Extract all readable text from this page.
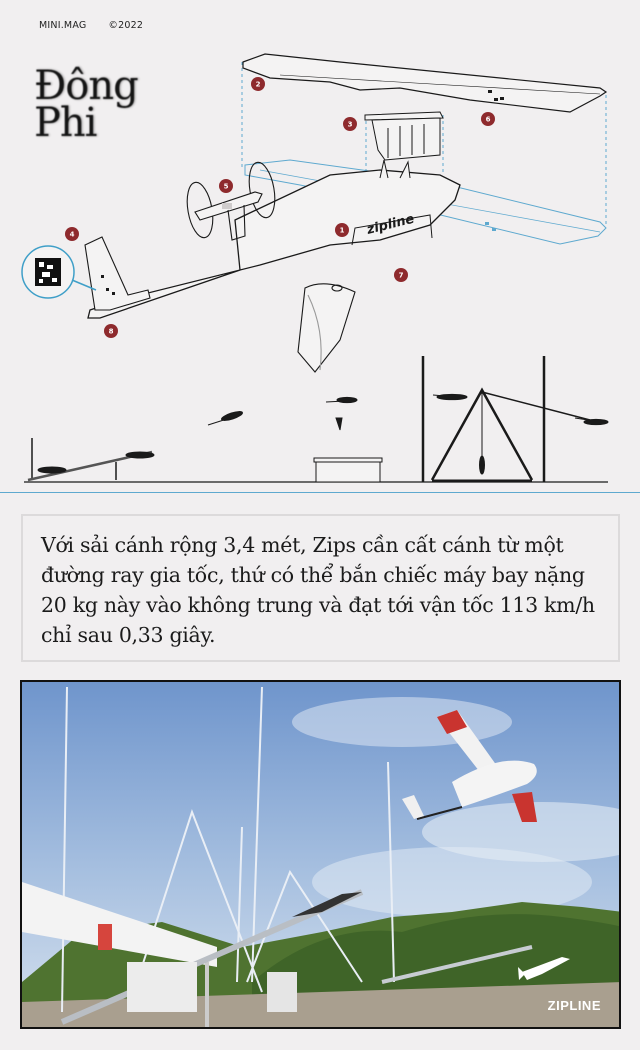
MINI.MAG ©2022
Đông
Phi
zipline
2
3
6
5
4	1
7
8

Với sải cánh rộng 3,4 mét, Zips cần cất cánh từ một đường ray gia tốc, thứ có thể bắn chiếc máy bay nặng 20 kg này vào không trung và đạt tới vận tốc 113 km/h chỉ sau 0,33 giây.

ZIPLINE
